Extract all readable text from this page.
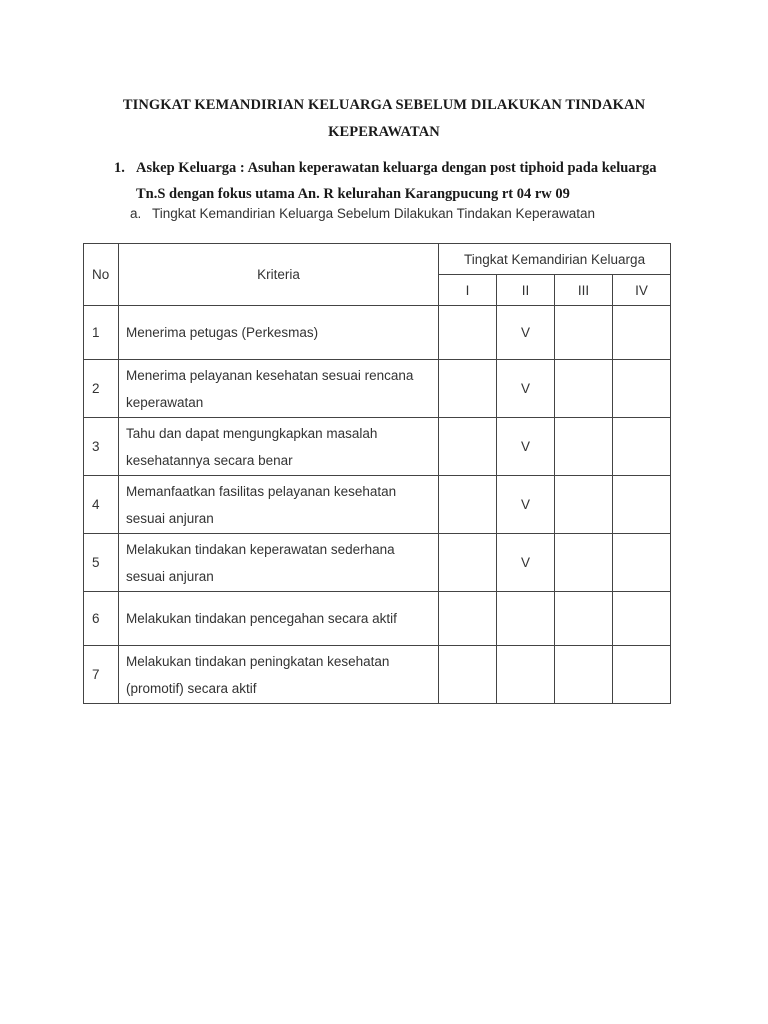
TINGKAT KEMANDIRIAN KELUARGA SEBELUM DILAKUKAN TINDAKAN
KEPERAWATAN
1. Askep Keluarga : Asuhan keperawatan keluarga dengan post tiphoid pada keluarga
Tn.S dengan fokus utama An. R kelurahan Karangpucung rt 04 rw 09
a. Tingkat Kemandirian Keluarga Sebelum Dilakukan Tindakan Keperawatan
No	Kriteria	Tingkat Kemandirian Keluarga			
		I	II	III	IV
1	Menerima petugas (Perkesmas)		V		
2	Menerima pelayanan kesehatan sesuai rencana
keperawatan		V		
3	Tahu dan dapat mengungkapkan masalah
kesehatannya secara benar		V		
4	Memanfaatkan fasilitas pelayanan kesehatan
sesuai anjuran		V		
5	Melakukan tindakan keperawatan sederhana
sesuai anjuran		V		
6	Melakukan tindakan pencegahan secara aktif				

7	Melakukan tindakan peningkatan kesehatan
(promotif) secara aktif				
